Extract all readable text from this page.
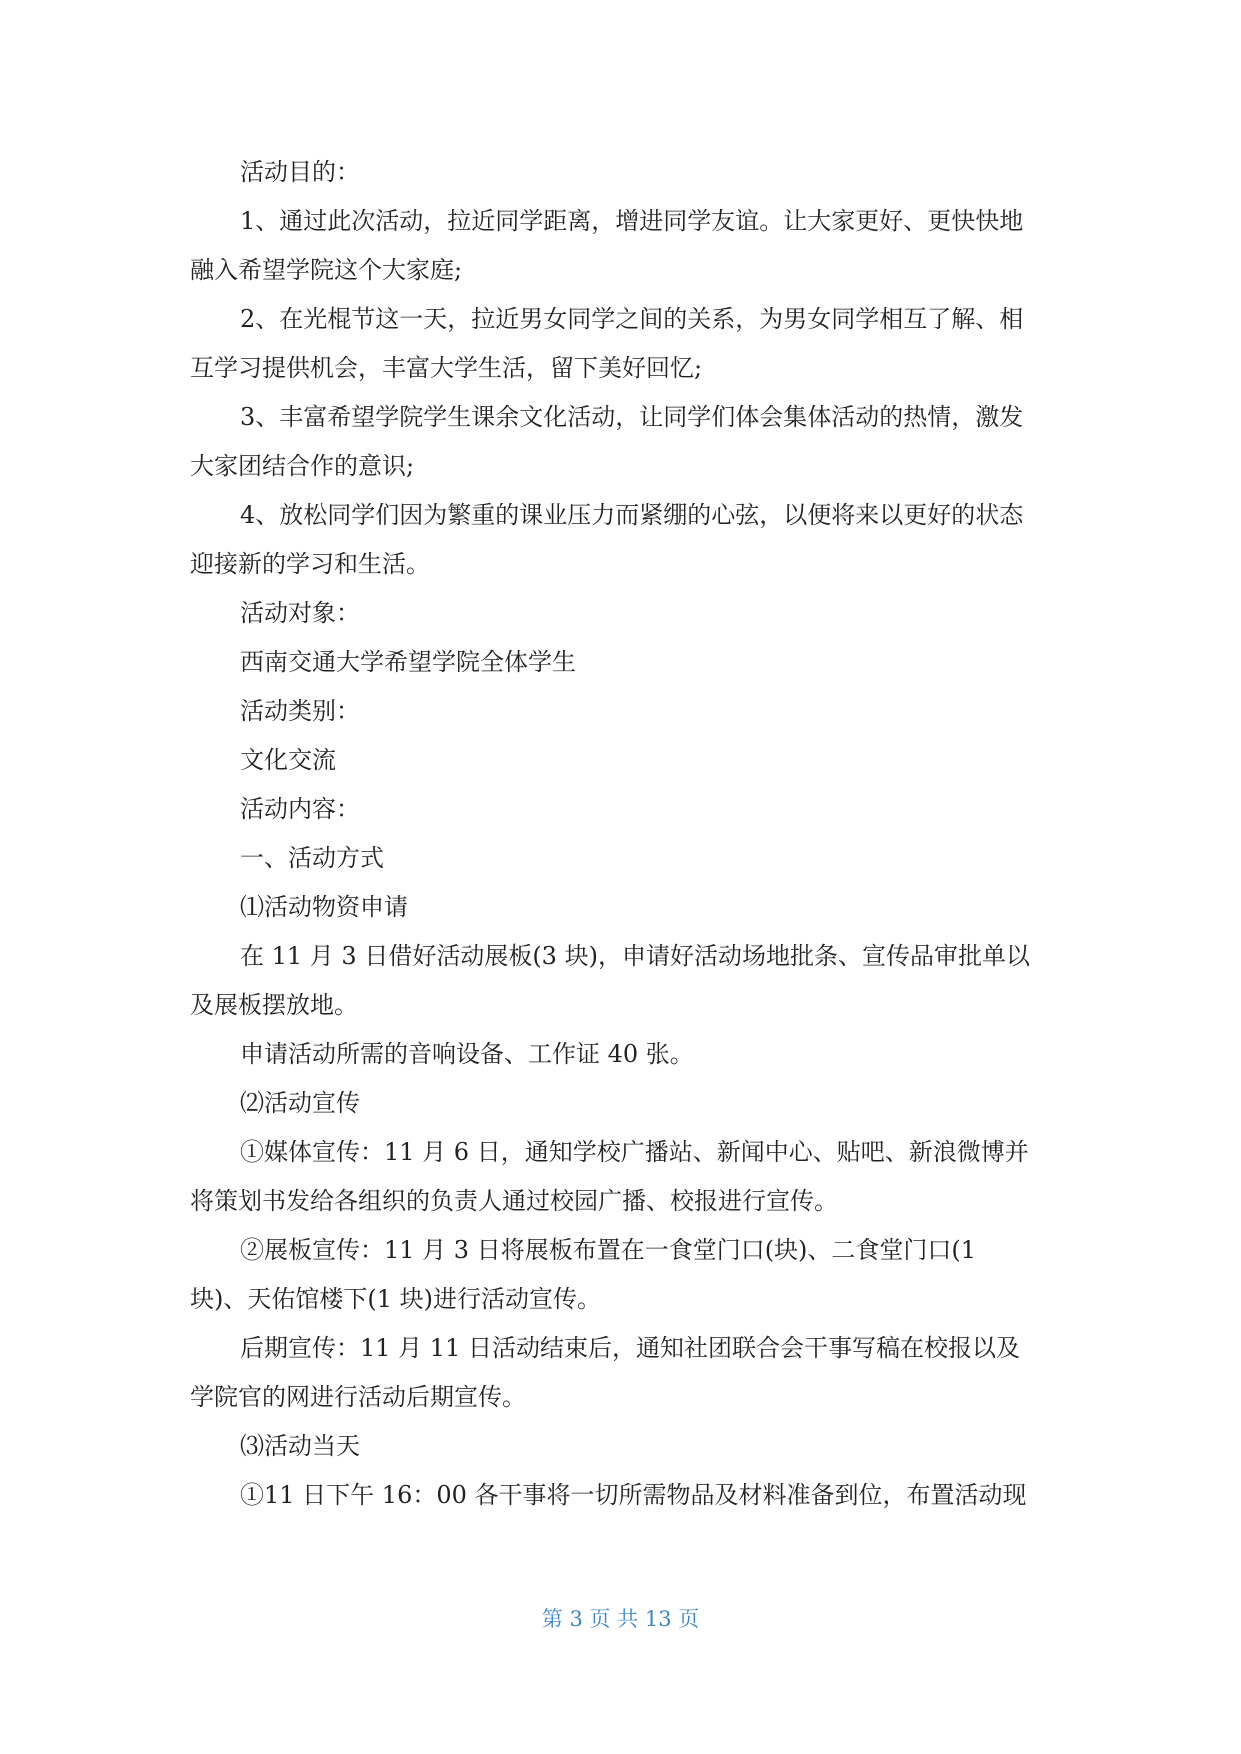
活动目的：

1、通过此次活动，拉近同学距离，增进同学友谊。让大家更好、更快快地

融入希望学院这个大家庭;

2、在光棍节这一天，拉近男女同学之间的关系，为男女同学相互了解、相

互学习提供机会，丰富大学生活，留下美好回忆;

3、丰富希望学院学生课余文化活动，让同学们体会集体活动的热情，激发

大家团结合作的意识;

4、放松同学们因为繁重的课业压力而紧绷的心弦，以便将来以更好的状态

迎接新的学习和生活。

活动对象：

西南交通大学希望学院全体学生

活动类别：

文化交流

活动内容：

一、活动方式

⑴活动物资申请

在 11 月 3 日借好活动展板(3 块)，申请好活动场地批条、宣传品审批单以

及展板摆放地。

申请活动所需的音响设备、工作证 40 张。

⑵活动宣传

①媒体宣传：11 月 6 日，通知学校广播站、新闻中心、贴吧、新浪微博并

将策划书发给各组织的负责人通过校园广播、校报进行宣传。

②展板宣传：11 月 3 日将展板布置在一食堂门口(块)、二食堂门口(1

块)、天佑馆楼下(1 块)进行活动宣传。

后期宣传：11 月 11 日活动结束后，通知社团联合会干事写稿在校报以及

学院官的网进行活动后期宣传。

⑶活动当天

①11 日下午 16：00 各干事将一切所需物品及材料准备到位，布置活动现

第 3 页 共 13 页
